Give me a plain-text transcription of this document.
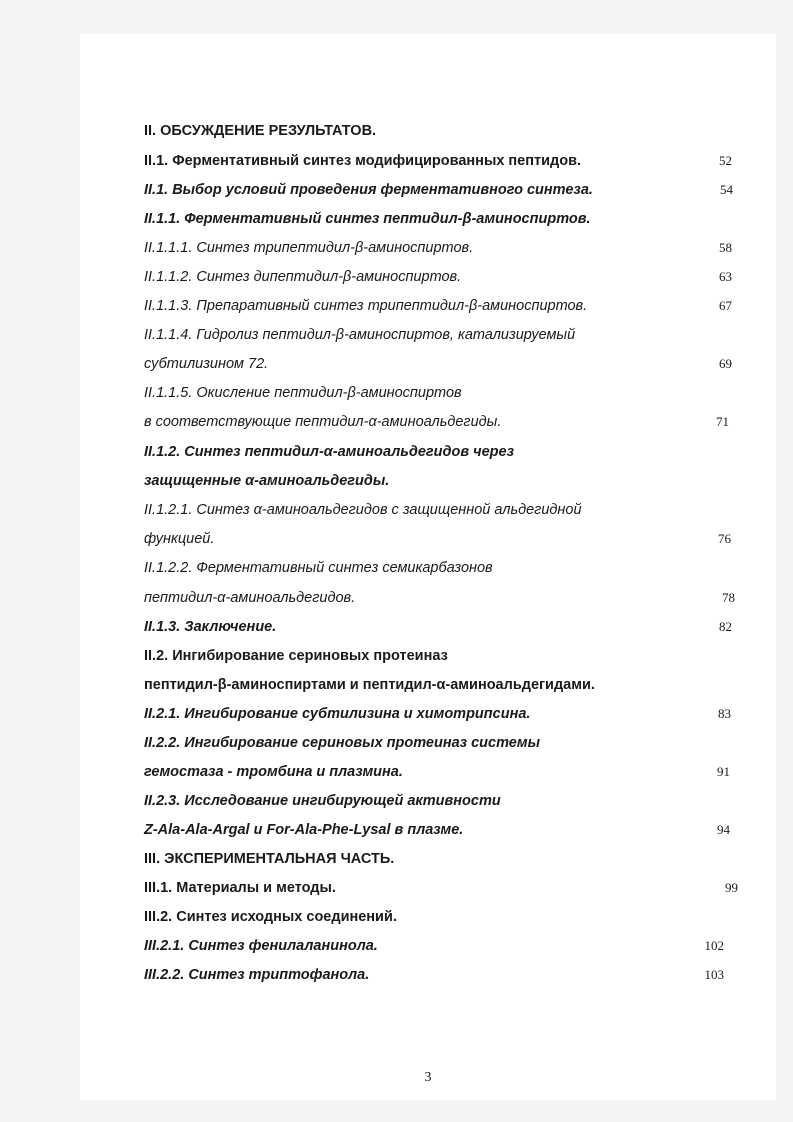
II. ОБСУЖДЕНИЕ РЕЗУЛЬТАТОВ.
II.1. Ферментативный синтез модифицированных пептидов.	52
II.1. Выбор условий проведения ферментативного синтеза.	54
II.1.1. Ферментативный синтез пептидил-β-аминоспиртов.
II.1.1.1. Синтез трипептидил-β-аминоспиртов.	58
II.1.1.2. Синтез дипептидил-β-аминоспиртов.	63
II.1.1.3. Препаративный синтез трипептидил-β-аминоспиртов.	67
II.1.1.4. Гидролиз пептидил-β-аминоспиртов, катализируемый
субтилизином 72.	69
II.1.1.5. Окисление пептидил-β-аминоспиртов
в соответствующие пептидил-α-аминоальдегиды.	71
II.1.2. Синтез пептидил-α-аминоальдегидов через
защищенные α-аминоальдегиды.
II.1.2.1. Синтез α-аминоальдегидов с защищенной альдегидной
функцией.	76
II.1.2.2. Ферментативный синтез семикарбазонов
пептидил-α-аминоальдегидов.	78
II.1.3. Заключение.	82
II.2. Ингибирование сериновых протеиназ
пептидил-β-аминоспиртами и пептидил-α-аминоальдегидами.
II.2.1. Ингибирование субтилизина и химотрипсина.	83
II.2.2. Ингибирование сериновых протеиназ системы
гемостаза - тромбина и плазмина.	91
II.2.3. Исследование ингибирующей активности
Z-Ala-Ala-Argal и For-Ala-Phe-Lysal в плазме.	94
III. ЭКСПЕРИМЕНТАЛЬНАЯ ЧАСТЬ.
III.1. Материалы и методы.	99
III.2. Синтез исходных соединений.
III.2.1. Синтез фенилаланинола.	102
III.2.2. Синтез триптофанола.	103
3
